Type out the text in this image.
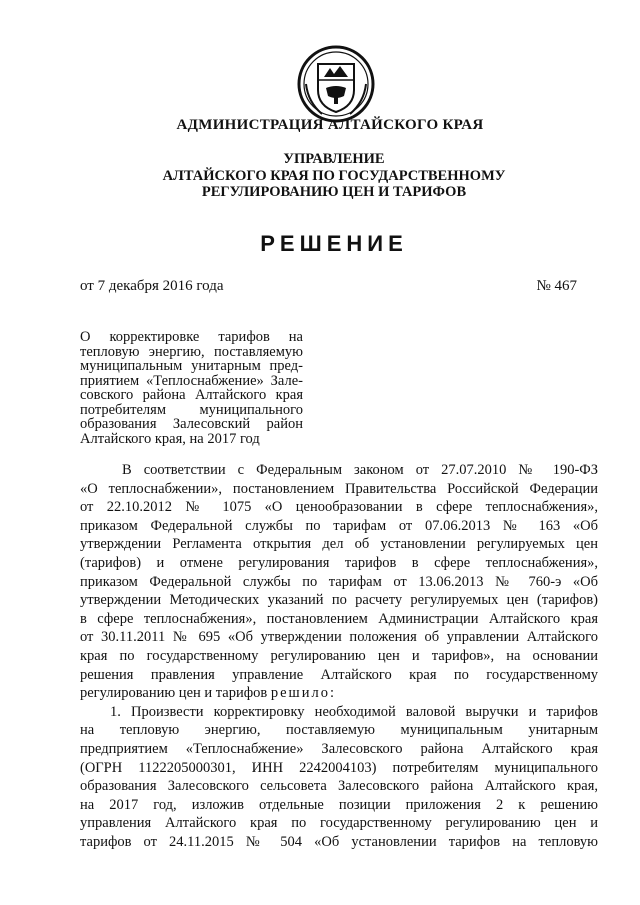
АДМИНИСТРАЦИЯ АЛТАЙСКОГО КРАЯ
УПРАВЛЕНИЕ
АЛТАЙСКОГО КРАЯ ПО ГОСУДАРСТВЕННОМУ
РЕГУЛИРОВАНИЮ ЦЕН И ТАРИФОВ
РЕШЕНИЕ
от 7 декабря 2016 года	№ 467
О корректировке тарифов на
тепловую энергию, поставляемую
муниципальным унитарным пред-
приятием «Теплоснабжение» Зале-
совского района Алтайского края
потребителям муниципального
образования Залесовский район
Алтайского края, на 2017 год
В соответствии с Федеральным законом от 27.07.2010 № 190-ФЗ
«О теплоснабжении», постановлением Правительства Российской Федерации
от 22.10.2012 № 1075 «О ценообразовании в сфере теплоснабжения»,
приказом Федеральной службы по тарифам от 07.06.2013 № 163 «Об
утверждении Регламента открытия дел об установлении регулируемых цен
(тарифов) и отмене регулирования тарифов в сфере теплоснабжения»,
приказом Федеральной службы по тарифам от 13.06.2013 № 760-э «Об
утверждении Методических указаний по расчету регулируемых цен (тарифов)
в сфере теплоснабжения», постановлением Администрации Алтайского края
от 30.11.2011 № 695 «Об утверждении положения об управлении Алтайского
края по государственному регулированию цен и тарифов», на основании
решения правления управление Алтайского края по государственному
регулированию цен и тарифов решило:
1. Произвести корректировку необходимой валовой выручки и тарифов
на тепловую энергию, поставляемую муниципальным унитарным
предприятием «Теплоснабжение» Залесовского района Алтайского края
(ОГРН 1122205000301, ИНН 2242004103) потребителям муниципального
образования Залесовского сельсовета Залесовского района Алтайского края,
на 2017 год, изложив отдельные позиции приложения 2 к решению
управления Алтайского края по государственному регулированию цен и
тарифов от 24.11.2015 № 504 «Об установлении тарифов на тепловую
